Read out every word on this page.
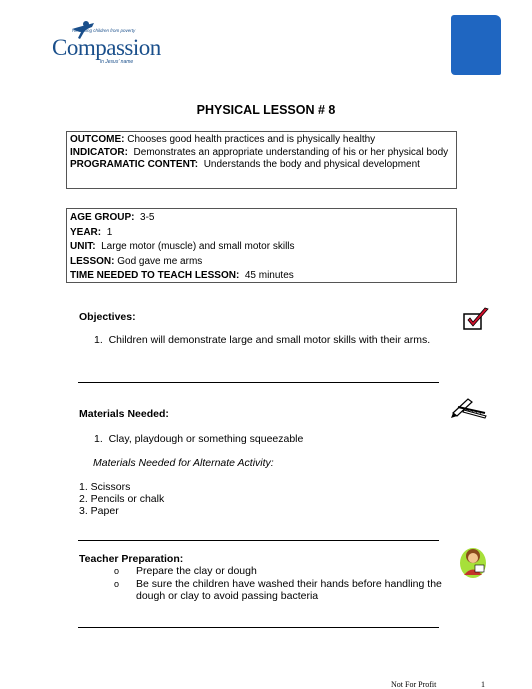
Releasing children from poverty
Compassion
in Jesus' name
PHYSICAL LESSON # 8

OUTCOME: Chooses good health practices and is physically healthy

INDICATOR: Demonstrates an appropriate understanding of his or her physical body

PROGRAMATIC CONTENT: Understands the body and physical development

AGE GROUP: 3-5

YEAR: 1

UNIT: Large motor (muscle) and small motor skills

LESSON: God gave me arms

TIME NEEDED TO TEACH LESSON: 45 minutes

Objectives:
1.  Children will demonstrate large and small motor skills with their arms.
Materials Needed:
1.  Clay, playdough or something squeezable
Materials Needed for Alternate Activity:
1. Scissors
2. Pencils or chalk
3. Paper
Teacher Preparation:
o	Prepare the clay or dough
o	Be sure the children have washed their hands before handling the dough or clay to avoid passing bacteria
Not For Profit	1
